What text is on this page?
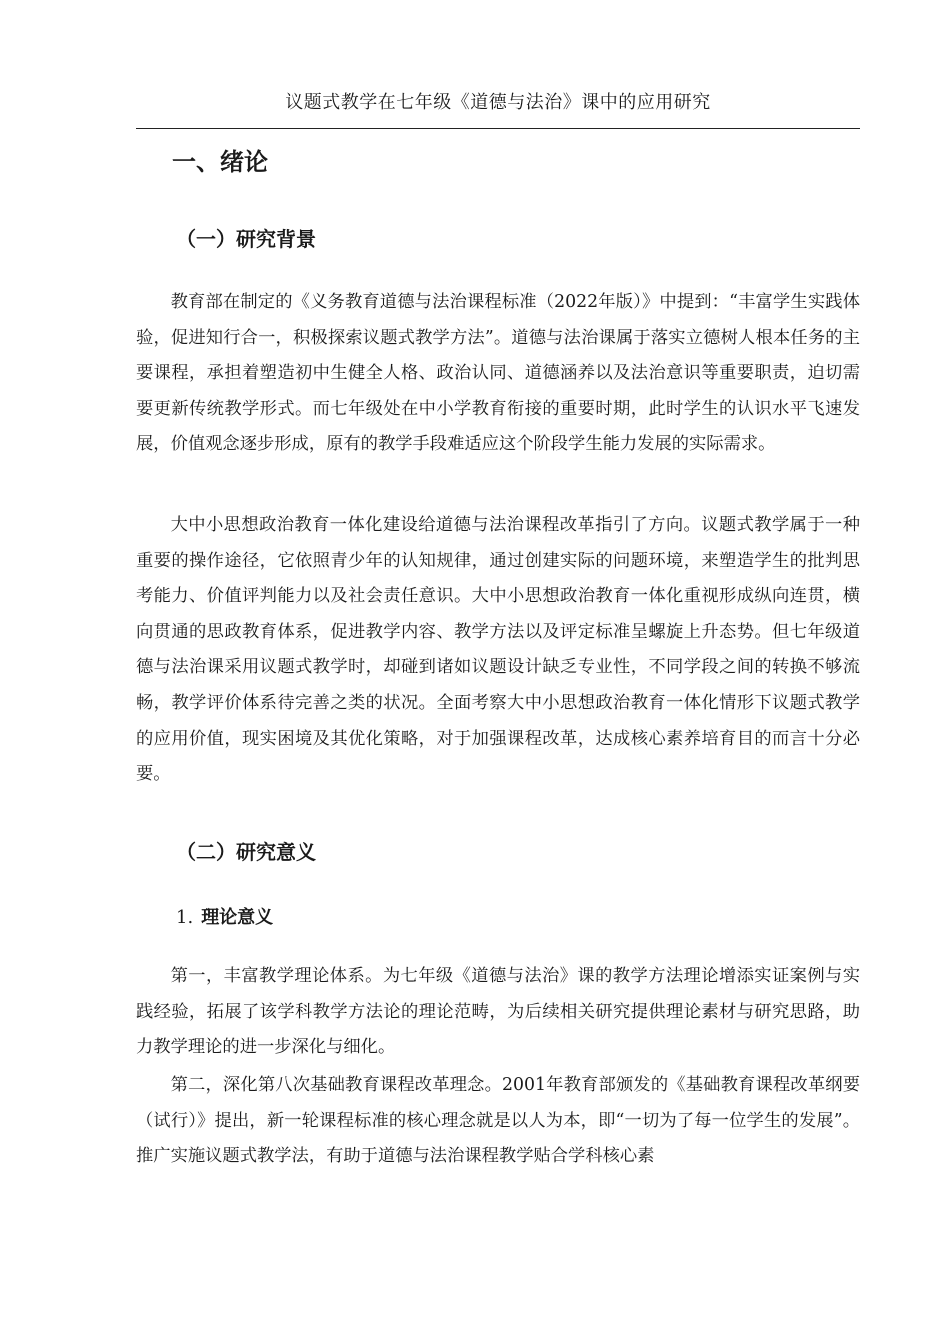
议题式教学在七年级《道德与法治》课中的应用研究
一、绪论
（一）研究背景

教育部在制定的《义务教育道德与法治课程标准（2022年版）》中提到：“丰富学生实践体验，促进知行合一，积极探索议题式教学方法”。道德与法治课属于落实立德树人根本任务的主要课程，承担着塑造初中生健全人格、政治认同、道德涵养以及法治意识等重要职责，迫切需要更新传统教学形式。而七年级处在中小学教育衔接的重要时期，此时学生的认识水平飞速发展，价值观念逐步形成，原有的教学手段难适应这个阶段学生能力发展的实际需求。

大中小思想政治教育一体化建设给道德与法治课程改革指引了方向。议题式教学属于一种重要的操作途径，它依照青少年的认知规律，通过创建实际的问题环境，来塑造学生的批判思考能力、价值评判能力以及社会责任意识。大中小思想政治教育一体化重视形成纵向连贯，横向贯通的思政教育体系，促进教学内容、教学方法以及评定标准呈螺旋上升态势。但七年级道德与法治课采用议题式教学时，却碰到诸如议题设计缺乏专业性，不同学段之间的转换不够流畅，教学评价体系待完善之类的状况。全面考察大中小思想政治教育一体化情形下议题式教学的应用价值，现实困境及其优化策略，对于加强课程改革，达成核心素养培育目的而言十分必要。

（二）研究意义
1. 理论意义

第一，丰富教学理论体系。为七年级《道德与法治》课的教学方法理论增添实证案例与实践经验，拓展了该学科教学方法论的理论范畴，为后续相关研究提供理论素材与研究思路，助力教学理论的进一步深化与细化。

第二，深化第八次基础教育课程改革理念。2001年教育部颁发的《基础教育课程改革纲要（试行）》提出，新一轮课程标准的核心理念就是以人为本，即“一切为了每一位学生的发展”。推广实施议题式教学法，有助于道德与法治课程教学贴合学科核心素
